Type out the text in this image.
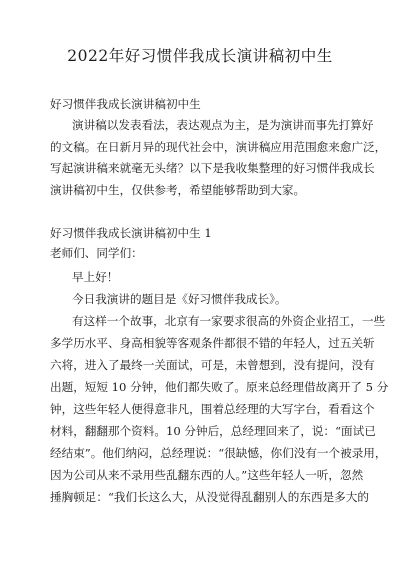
2022年好习惯伴我成长演讲稿初中生

好习惯伴我成长演讲稿初中生

演讲稿以发表看法，表达观点为主，是为演讲而事先打算好

的文稿。在日新月异的现代社会中，演讲稿应用范围愈来愈广泛，

写起演讲稿来就毫无头绪？以下是我收集整理的好习惯伴我成长

演讲稿初中生，仅供参考，希望能够帮助到大家。

好习惯伴我成长演讲稿初中生 1

老师们、同学们：

早上好！

今日我演讲的题目是《好习惯伴我成长》。

有这样一个故事，北京有一家要求很高的外资企业招工，一些

多学历水平、身高相貌等客观条件都很不错的年轻人，过五关斩

六将，进入了最终一关面试，可是，未曾想到，没有提问，没有

出题，短短 10 分钟，他们都失败了。原来总经理借故离开了 5 分

钟，这些年轻人便得意非凡，围着总经理的大写字台，看看这个

材料，翻翻那个资料。10 分钟后，总经理回来了，说：“面试已

经结束”。他们纳闷，总经理说：“很缺憾，你们没有一个被录用，

因为公司从来不录用些乱翻东西的人。”这些年轻人一听，忽然

捶胸顿足：“我们长这么大，从没觉得乱翻别人的东西是多大的
